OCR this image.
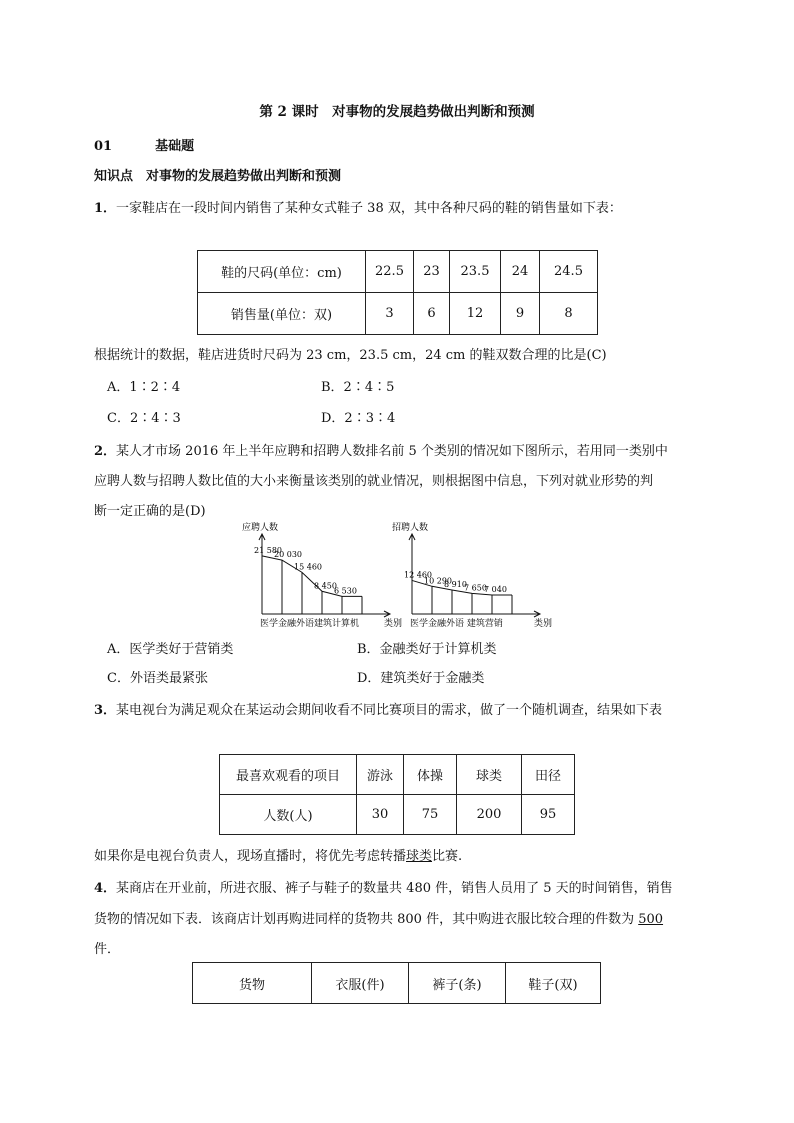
第 2 课时　对事物的发展趋势做出判断和预测
01	基础题
知识点　对事物的发展趋势做出判断和预测
1．一家鞋店在一段时间内销售了某种女式鞋子 38 双，其中各种尺码的鞋的销售量如下表：
鞋的尺码(单位：cm)	22.5	23	23.5	24	24.5
销售量(单位：双)	3	6	12	9	8
根据统计的数据，鞋店进货时尺码为 23 cm，23.5 cm，24 cm 的鞋双数合理的比是(C)
A．1∶2∶4	B．2∶4∶5
C．2∶4∶3	D．2∶3∶4
2．某人才市场 2016 年上半年应聘和招聘人数排名前 5 个类别的情况如下图所示，若用同一类别中
应聘人数与招聘人数比值的大小来衡量该类别的就业情况，则根据图中信息，下列对就业形势的判
断一定正确的是(D)
应聘人数
类别
医学金融外语建筑计算机
21 580
20 030
15 460
8 450
6 530
招聘人数
类别
医学金融外语 建筑营销
12 460
10 290
8 910
7 650
7 040
A．医学类好于营销类	B．金融类好于计算机类
C．外语类最紧张	D．建筑类好于金融类
3．某电视台为满足观众在某运动会期间收看不同比赛项目的需求，做了一个随机调查，结果如下表
最喜欢观看的项目	游泳	体操	球类	田径
人数(人)	30	75	200	95
如果你是电视台负责人，现场直播时，将优先考虑转播球类比赛.
4．某商店在开业前，所进衣服、裤子与鞋子的数量共 480 件，销售人员用了 5 天的时间销售，销售
货物的情况如下表．该商店计划再购进同样的货物共 800 件，其中购进衣服比较合理的件数为 500
件．
货物	衣服(件)	裤子(条)	鞋子(双)
